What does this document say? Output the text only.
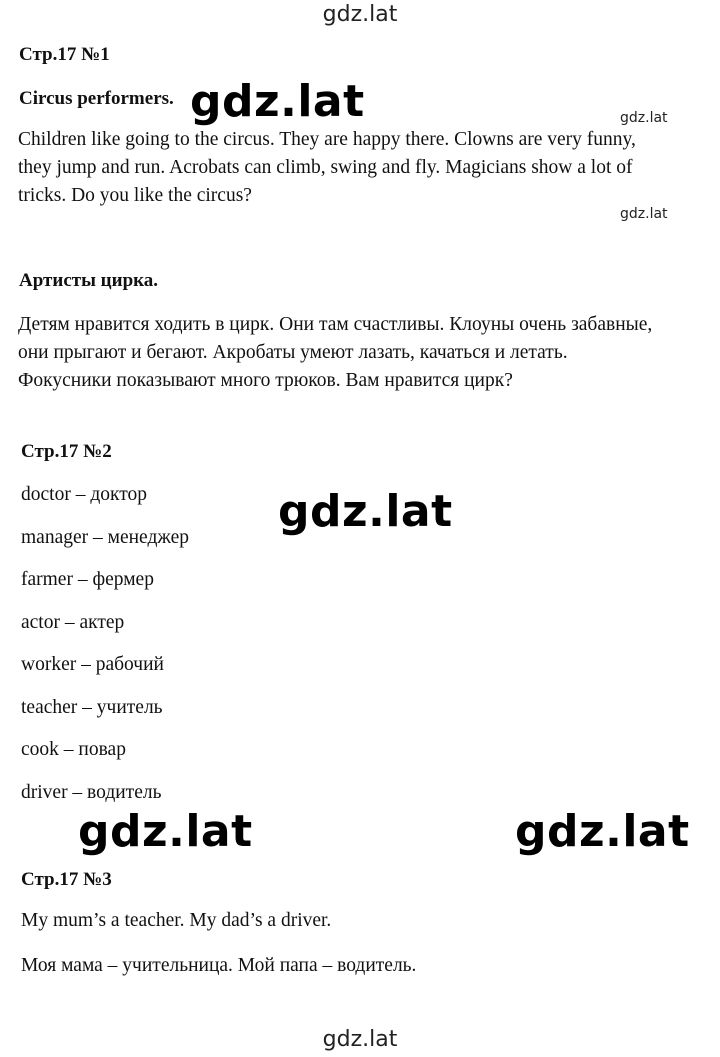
gdz.lat
gdz.lat	gdz.lat
gdz.lat
gdz.lat
gdz.lat	gdz.lat
gdz.lat
Стр.17 №1
Circus performers.
Children like going to the circus. They are happy there. Clowns are very funny,
they jump and run. Acrobats can climb, swing and fly. Magicians show a lot of
tricks. Do you like the circus?
Артисты цирка.
Детям нравится ходить в цирк. Они там счастливы. Клоуны очень забавные,
они прыгают и бегают. Акробаты умеют лазать, качаться и летать.
Фокусники показывают много трюков. Вам нравится цирк?
Стр.17 №2
doctor – доктор
manager – менеджер
farmer – фермер
actor – актер
worker – рабочий
teacher – учитель
cook – повар
driver – водитель
Стр.17 №3
My mum’s a teacher. My dad’s a driver.
Моя мама – учительница. Мой папа – водитель.
